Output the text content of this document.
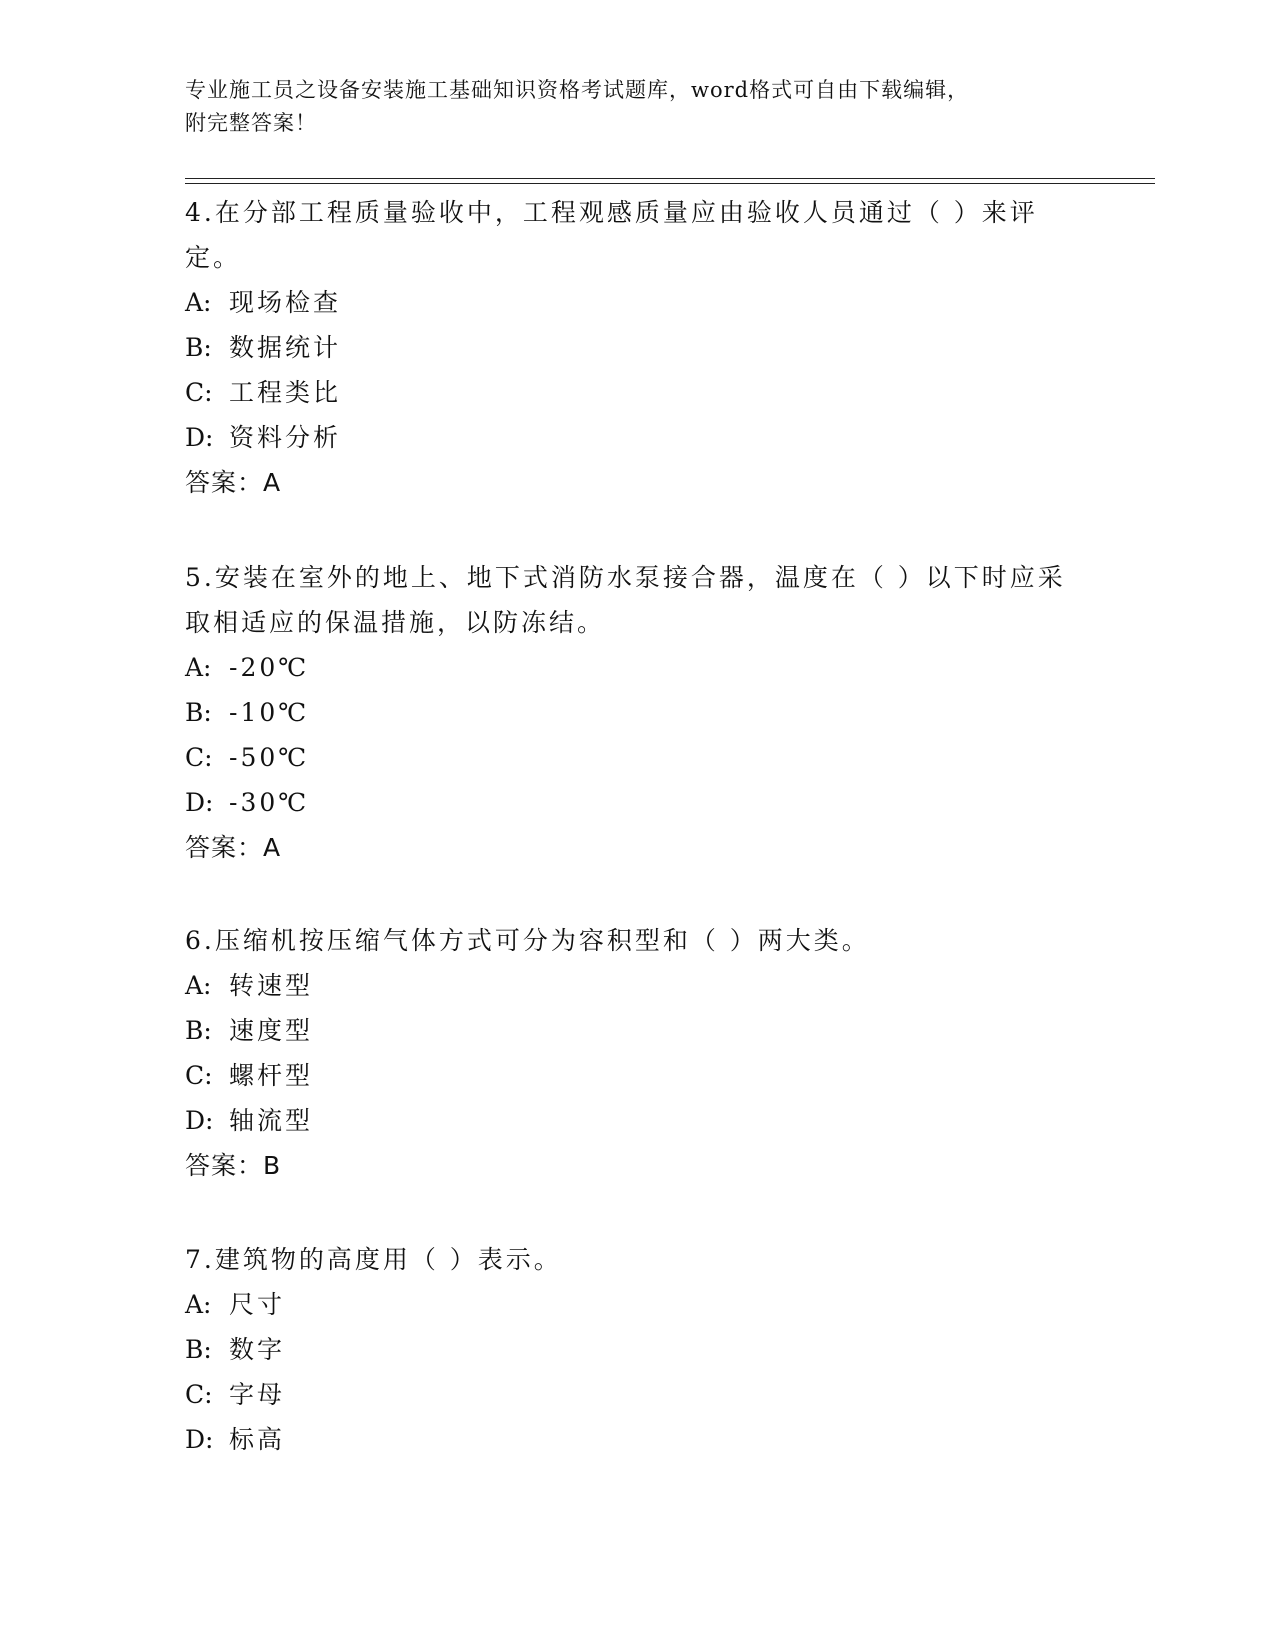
专业施工员之设备安装施工基础知识资格考试题库，word格式可自由下载编辑，
附完整答案！

4.在分部工程质量验收中，工程观感质量应由验收人员通过（ ）来评定。

A: 现场检查
B: 数据统计
C: 工程类比
D: 资料分析

答案：A

5.安装在室外的地上、地下式消防水泵接合器，温度在（ ）以下时应采取相适应的保温措施，以防冻结。

A: -20℃
B: -10℃
C: -50℃
D: -30℃

答案：A

6.压缩机按压缩气体方式可分为容积型和（ ）两大类。

A: 转速型
B: 速度型
C: 螺杆型
D: 轴流型

答案：B

7.建筑物的高度用（ ）表示。

A: 尺寸
B: 数字
C: 字母
D: 标高
